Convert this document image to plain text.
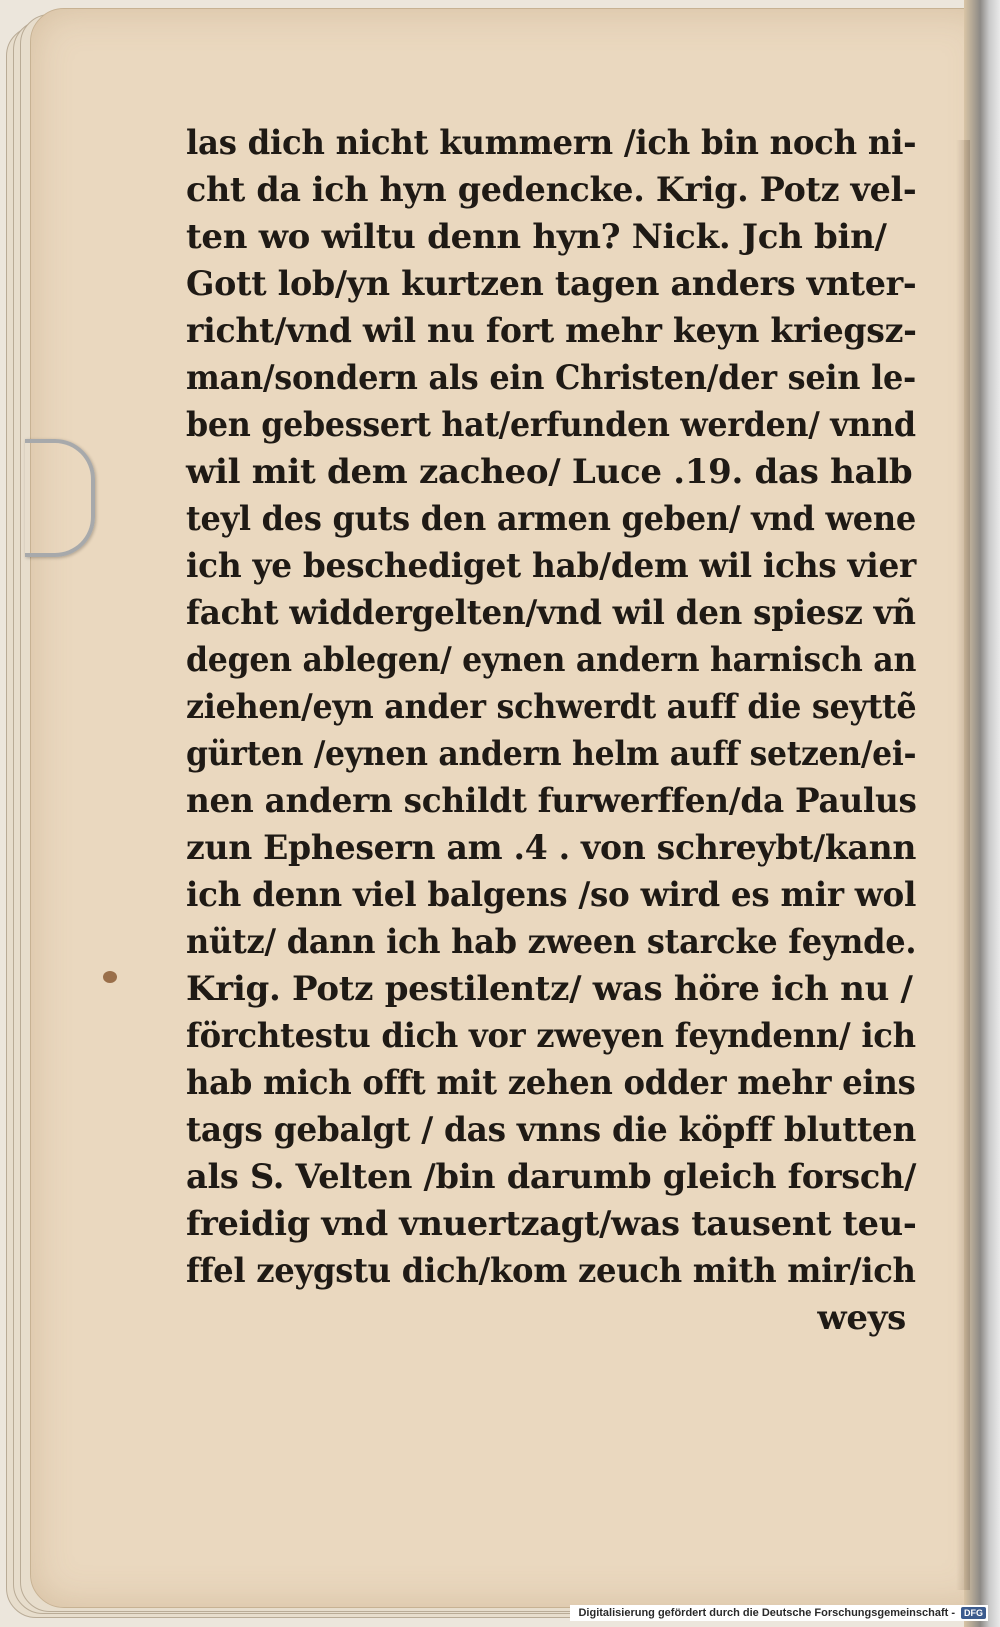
las dich nicht kummern /ich bin noch ni-
cht da ich hyn gedencke. Krig. Potz vel-
ten wo wiltu denn hyn? Nick. Jch bin/
Gott lob/yn kurtzen tagen anders vnter-
richt/vnd wil nu fort mehr keyn kriegsz-
man/sondern als ein Christen/der sein le-
ben gebessert hat/erfunden werden/ vnnd
wil mit dem zacheo/ Luce .19. das halb
teyl des guts den armen geben/ vnd wene
ich ye beschediget hab/dem wil ichs vier
facht widdergelten/vnd wil den spiesz vñ
degen ablegen/ eynen andern harnisch an
ziehen/eyn ander schwerdt auff die seyttẽ
gürten /eynen andern helm auff setzen/ei-
nen andern schildt furwerffen/da Paulus
zun Ephesern am .4 . von schreybt/kann
ich denn viel balgens /so wird es mir wol
nütz/ dann ich hab zween starcke feynde.
Krig. Potz pestilentz/ was höre ich nu /
förchtestu dich vor zweyen feyndenn/ ich
hab mich offt mit zehen odder mehr eins
tags gebalgt / das vnns die köpff blutten
als S. Velten /bin darumb gleich forsch/
freidig vnd vnuertzagt/was tausent teu-
ffel zeygstu dich/kom zeuch mith mir/ich
weys
Digitalisierung gefördert durch die Deutsche Forschungsgemeinschaft -	DFG
